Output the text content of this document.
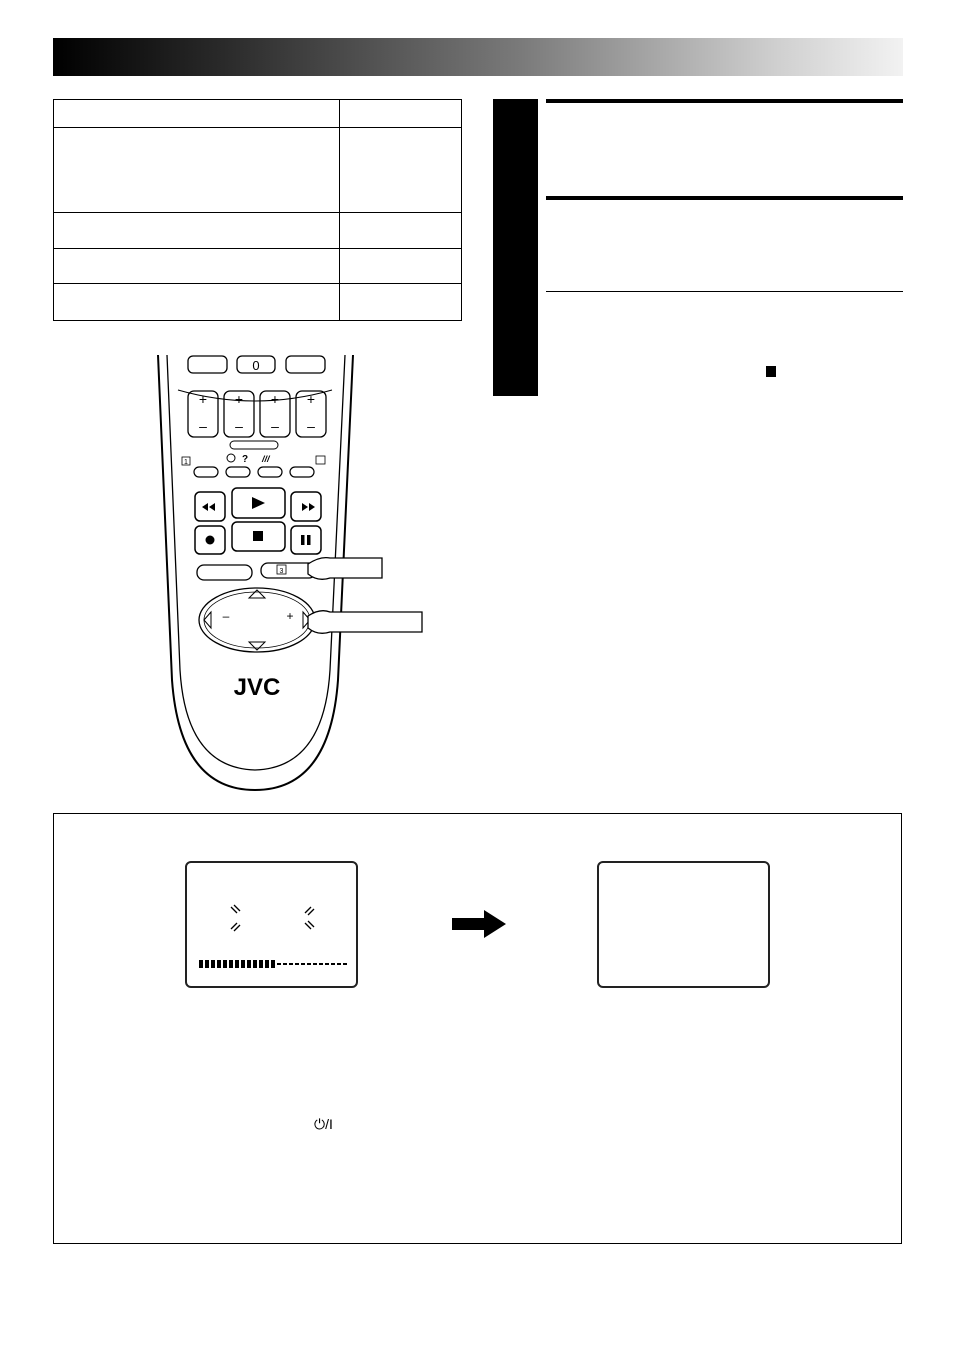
0
+ + + +
– – – –
1	? ///
3
–	+
JVC
⏻/I
